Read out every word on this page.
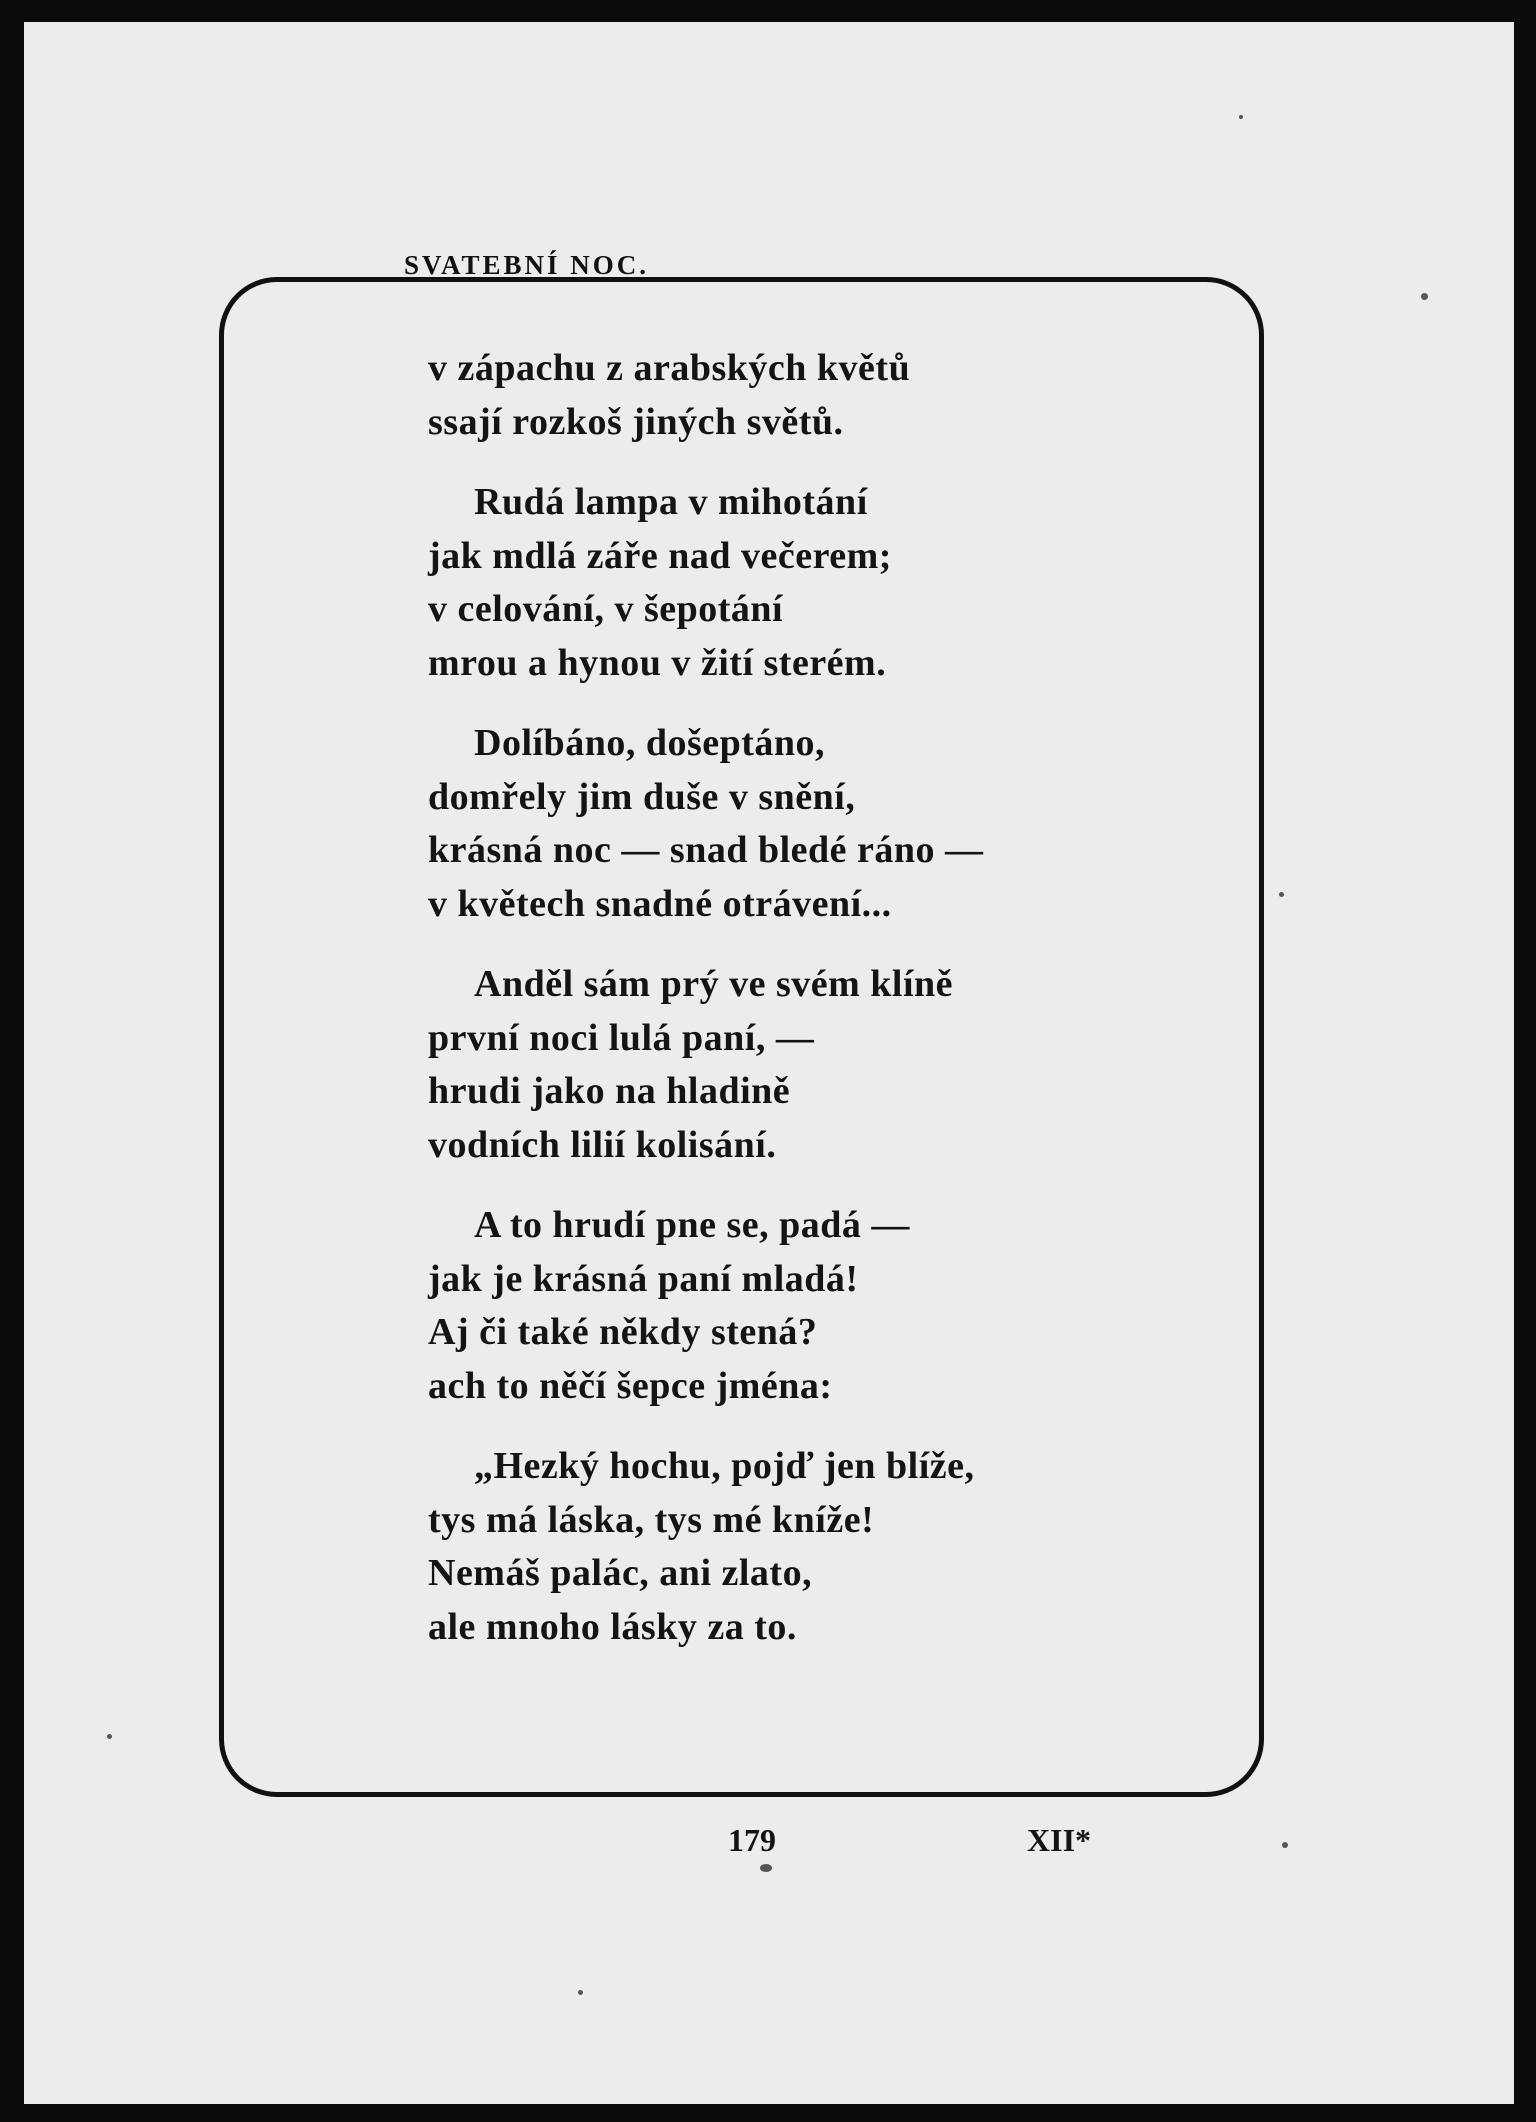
SVATEBNÍ NOC.
v zápachu z arabských květů
ssají rozkoš jiných světů.
Rudá lampa v mihotání
jak mdlá záře nad večerem;
v celování, v šepotání
mrou a hynou v žití sterém.
Dolíbáno, došeptáno,
domřely jim duše v snění,
krásná noc — snad bledé ráno —
v květech snadné otrávení...
Anděl sám prý ve svém klíně
první noci lulá paní, —
hrudi jako na hladině
vodních lilií kolisání.
A to hrudí pne se, padá —
jak je krásná paní mladá!
Aj či také někdy stená?
ach to něčí šepce jména:
„Hezký hochu, pojď jen blíže,
tys má láska, tys mé kníže!
Nemáš palác, ani zlato,
ale mnoho lásky za to.
179	XII*
